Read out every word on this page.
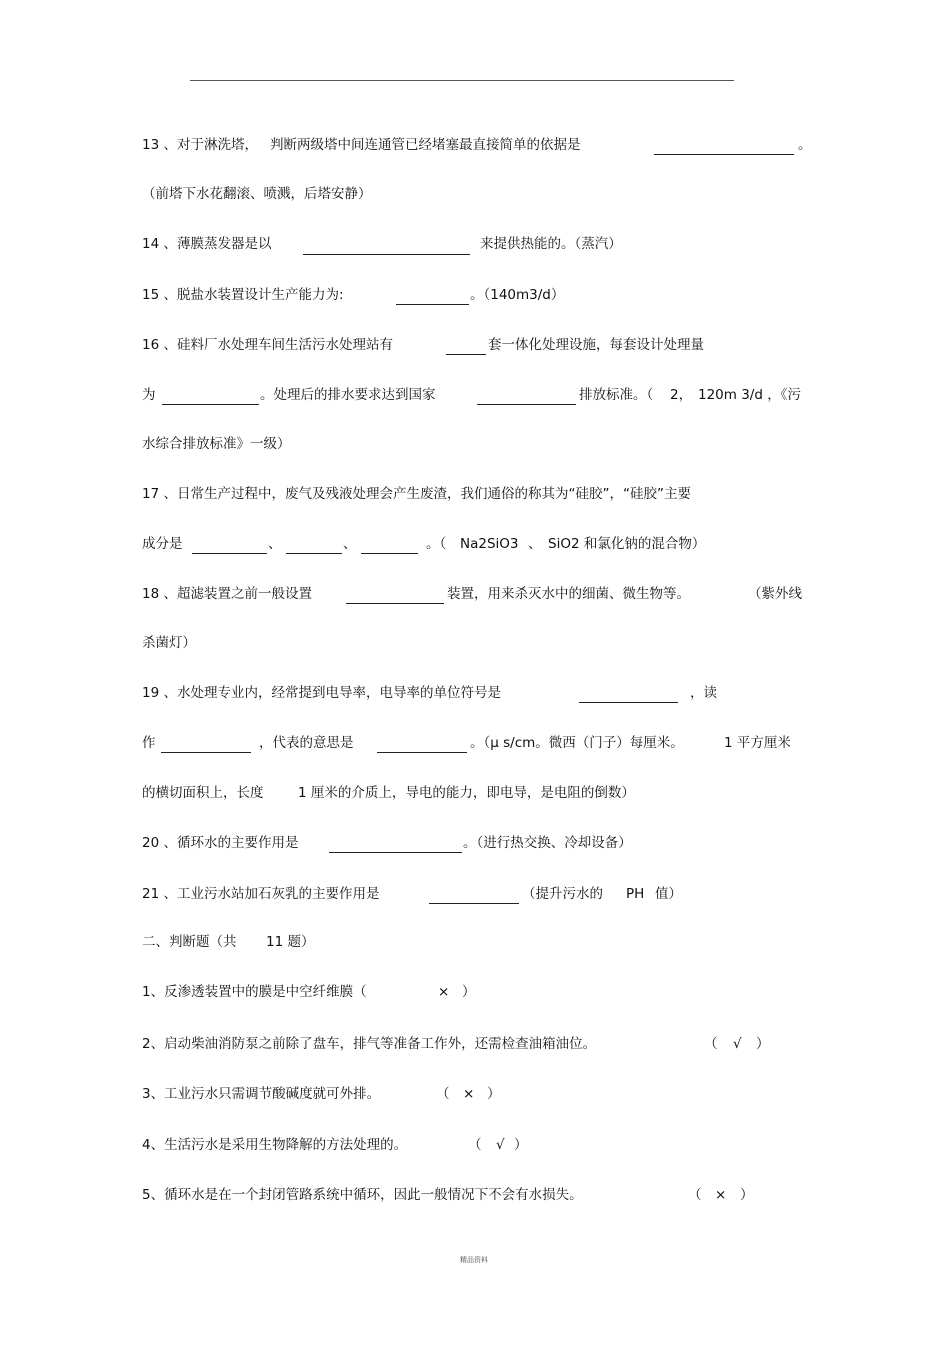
13 、对于淋洗塔， 判断两级塔中间连通管已经堵塞最直接简单的依据是	。
（前塔下水花翻滚、喷溅，后塔安静）
14 、薄膜蒸发器是以	来提供热能的。（蒸汽）
15 、脱盐水装置设计生产能力为:	。（140m3/d）
16 、硅料厂水处理车间生活污水处理站有	套一体化处理设施，每套设计处理量
为	。处理后的排水要求达到国家	排放标准。（ 2， 120m 3/d ，《污
水综合排放标准》一级）
17 、日常生产过程中，废气及残液处理会产生废渣，我们通俗的称其为“硅胶”，“硅胶”主要
成分是	、	、	。（ Na2SiO3 、 SiO2 和氯化钠的混合物）
18 、超滤装置之前一般设置	装置，用来杀灭水中的细菌、微生物等。	（紫外线
杀菌灯）
19 、水处理专业内，经常提到电导率，电导率的单位符号是	，读
作	，代表的意思是	。（μ s/cm。微西（门子）每厘米。	1 平方厘米
的横切面积上，长度	1 厘米的介质上，导电的能力，即电导，是电阻的倒数）
20 、循环水的主要作用是	。（进行热交换、冷却设备）
21 、工业污水站加石灰乳的主要作用是	（提升污水的 PH 值）
二、判断题（共 11 题）
1、反渗透装置中的膜是中空纤维膜（	× ）
2、启动柴油消防泵之前除了盘车，排气等准备工作外，还需检查油箱油位。	（ √ ）
3、工业污水只需调节酸碱度就可外排。	（ × ）
4、生活污水是采用生物降解的方法处理的。	（ √ ）
5、循环水是在一个封闭管路系统中循环，因此一般情况下不会有水损失。	（ × ）
精品资料
